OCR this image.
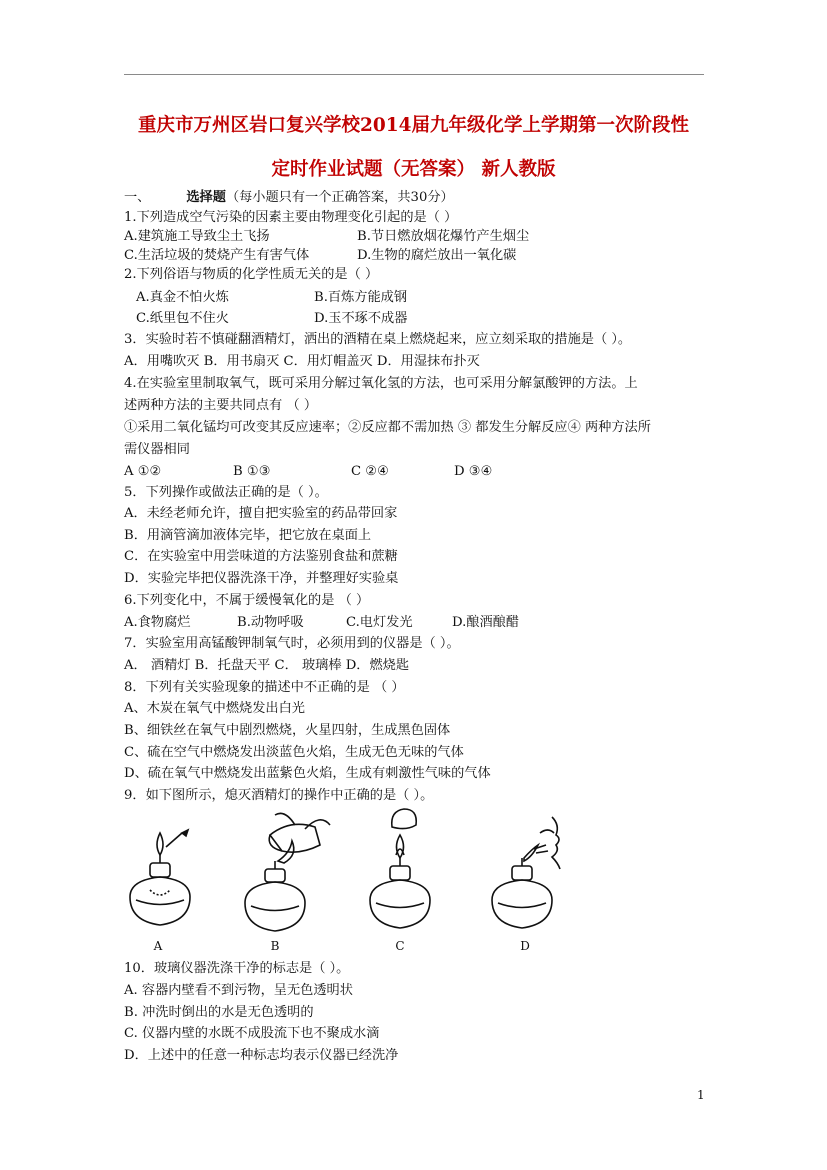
重庆市万州区岩口复兴学校2014届九年级化学上学期第一次阶段性
定时作业试题（无答案） 新人教版
一、	选择题（每小题只有一个正确答案，共30分）
1.下列造成空气污染的因素主要由物理变化引起的是（ ）
A.建筑施工导致尘土飞扬	B.节日燃放烟花爆竹产生烟尘
C.生活垃圾的焚烧产生有害气体	D.生物的腐烂放出一氧化碳
2.下列俗语与物质的化学性质无关的是（ ）
A.真金不怕火炼	B.百炼方能成钢
C.纸里包不住火	D.玉不琢不成器
3．实验时若不慎碰翻酒精灯，洒出的酒精在桌上燃烧起来，应立刻采取的措施是（ ）。
A．用嘴吹灭 B．用书扇灭 C．用灯帽盖灭 D．用湿抹布扑灭
4.在实验室里制取氧气，既可采用分解过氧化氢的方法，也可采用分解氯酸钾的方法。上
述两种方法的主要共同点有 （ ）
①采用二氧化锰均可改变其反应速率；②反应都不需加热 ③ 都发生分解反应④ 两种方法所
需仪器相同
A ①②	B ①③	C ②④	D ③④
5．下列操作或做法正确的是（ ）。
A．未经老师允许，擅自把实验室的药品带回家
B．用滴管滴加液体完毕，把它放在桌面上
C．在实验室中用尝味道的方法鉴别食盐和蔗糖
D．实验完毕把仪器洗涤干净，并整理好实验桌
6.下列变化中，不属于缓慢氧化的是 （ ）
A.食物腐烂	B.动物呼吸	C.电灯发光	D.酿酒酿醋
7．实验室用高锰酸钾制氧气时，必须用到的仪器是（ ）。
A． 酒精灯 B．托盘天平 C． 玻璃棒 D．燃烧匙
8．下列有关实验现象的描述中不正确的是 （ ）
A、木炭在氧气中燃烧发出白光
B、细铁丝在氧气中剧烈燃烧，火星四射，生成黑色固体
C、硫在空气中燃烧发出淡蓝色火焰，生成无色无味的气体
D、硫在氧气中燃烧发出蓝紫色火焰，生成有刺激性气味的气体
9．如下图所示，熄灭酒精灯的操作中正确的是（ ）。
A	B	C	D
10．玻璃仪器洗涤干净的标志是（ ）。
A. 容器内壁看不到污物，呈无色透明状
B. 冲洗时倒出的水是无色透明的
C. 仪器内壁的水既不成股流下也不聚成水滴
D．上述中的任意一种标志均表示仪器已经洗净
1
